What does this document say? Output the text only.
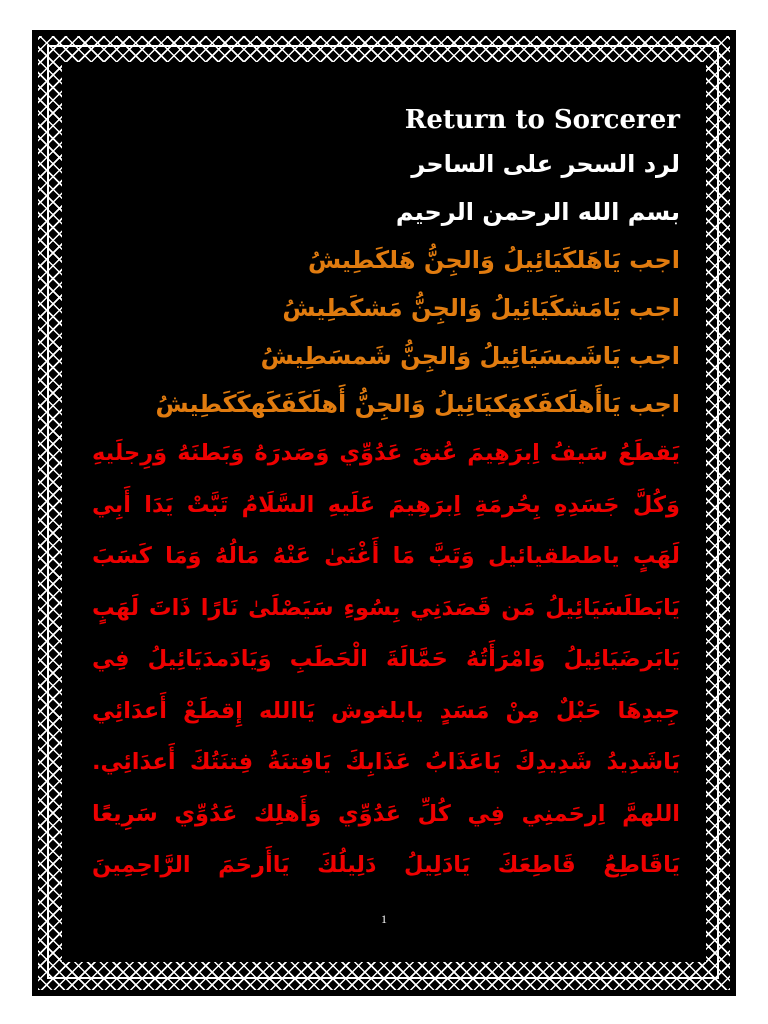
Return to Sorcerer
لرد السحر على الساحر
بسم الله الرحمن الرحيم
اجب يَاهَلكَيَائِيلُ وَالجِنُّ هَلكَطِيشُ
اجب يَامَشكَيَائِيلُ وَالجِنُّ مَشكَطِيشُ
اجب يَاشَمسَيَائِيلُ وَالجِنُّ شَمسَطِيشُ
اجب يَاأَهلَكفَكهَكيَائِيلُ وَالجِنُّ أَهلَكَفَكَهكَكَطِيشُ
يَقطَعُ سَيفُ اِبرَهِيمَ عُنقَ عَدُوِّي وَصَدرَهُ وَبَطنَهُ وَرِجلَيهِ
وَكُلَّ جَسَدِهِ بِحُرمَةِ اِبرَهِيمَ عَلَيهِ السَّلَامُ تَبَّتْ يَدَا أَبِي
لَهَبٍ ياططقيائيل وَتَبَّ مَا أَغْنَىٰ عَنْهُ مَالُهُ وَمَا كَسَبَ
يَابَطلَسَيَائِيلُ مَن قَصَدَنِي بِسُوءِ سَيَصْلَىٰ نَارًا ذَاتَ لَهَبٍ
يَابَرضَيَائِيلُ وَامْرَأَتُهُ حَمَّالَةَ الْحَطَبِ وَيَادَمدَيَائِيلُ فِي
جِيدِهَا حَبْلٌ مِنْ مَسَدٍ يابلغوش يَاالله إِقطَعْ أَعدَائِي
يَاشَدِيدُ شَدِيدِكَ يَاعَذَابُ عَذَابِكَ يَافِتنَةُ فِتنَتُكَ أَعدَائِي.
اللهمَّ اِرحَمنِي فِي كُلِّ عَدُوِّي وَأَهلِك عَدُوِّي سَرِيعًا
يَاقَاطِعُ قَاطِعَكَ يَادَلِيلُ دَلِيلُكَ يَاأَرحَمَ الرَّاحِمِينَ
1
